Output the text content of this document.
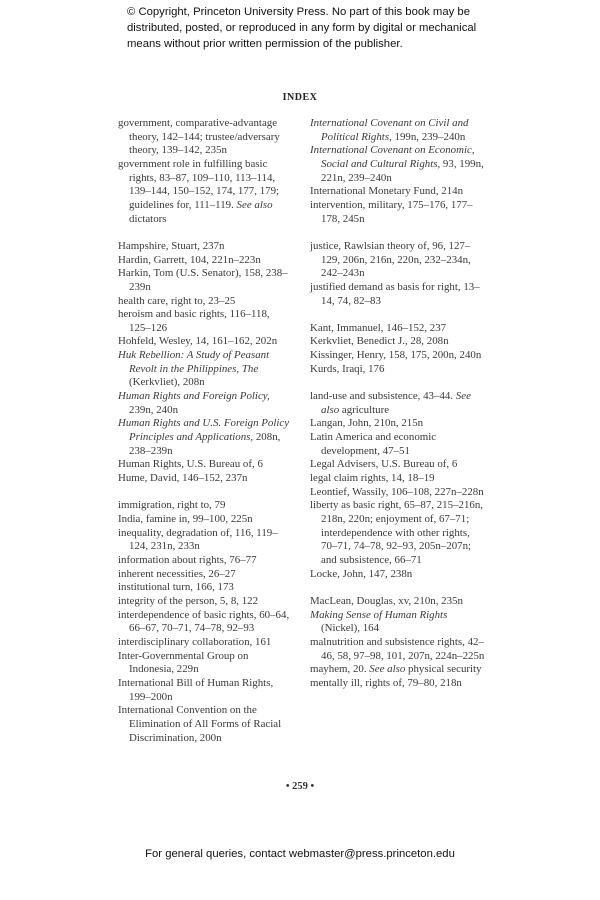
© Copyright, Princeton University Press. No part of this book may be distributed, posted, or reproduced in any form by digital or mechanical means without prior written permission of the publisher.
INDEX
government, comparative-advantage theory, 142–144; trustee/adversary theory, 139–142, 235n
government role in fulfilling basic rights, 83–87, 109–110, 113–114, 139–144, 150–152, 174, 177, 179; guidelines for, 111–119. See also dictators
Hampshire, Stuart, 237n
Hardin, Garrett, 104, 221n–223n
Harkin, Tom (U.S. Senator), 158, 238–239n
health care, right to, 23–25
heroism and basic rights, 116–118, 125–126
Hohfeld, Wesley, 14, 161–162, 202n
Huk Rebellion: A Study of Peasant Revolt in the Philippines, The (Kerkvliet), 208n
Human Rights and Foreign Policy, 239n, 240n
Human Rights and U.S. Foreign Policy Principles and Applications, 208n, 238–239n
Human Rights, U.S. Bureau of, 6
Hume, David, 146–152, 237n
immigration, right to, 79
India, famine in, 99–100, 225n
inequality, degradation of, 116, 119–124, 231n, 233n
information about rights, 76–77
inherent necessities, 26–27
institutional turn, 166, 173
integrity of the person, 5, 8, 122
interdependence of basic rights, 60–64, 66–67, 70–71, 74–78, 92–93
interdisciplinary collaboration, 161
Inter-Governmental Group on Indonesia, 229n
International Bill of Human Rights, 199–200n
International Convention on the Elimination of All Forms of Racial Discrimination, 200n
International Covenant on Civil and Political Rights, 199n, 239–240n
International Covenant on Economic, Social and Cultural Rights, 93, 199n, 221n, 239–240n
International Monetary Fund, 214n
intervention, military, 175–176, 177–178, 245n
justice, Rawlsian theory of, 96, 127–129, 206n, 216n, 220n, 232–234n, 242–243n
justified demand as basis for right, 13–14, 74, 82–83
Kant, Immanuel, 146–152, 237
Kerkvliet, Benedict J., 28, 208n
Kissinger, Henry, 158, 175, 200n, 240n
Kurds, Iraqi, 176
land-use and subsistence, 43–44. See also agriculture
Langan, John, 210n, 215n
Latin America and economic development, 47–51
Legal Advisers, U.S. Bureau of, 6
legal claim rights, 14, 18–19
Leontief, Wassily, 106–108, 227n–228n
liberty as basic right, 65–87, 215–216n, 218n, 220n; enjoyment of, 67–71; interdependence with other rights, 70–71, 74–78, 92–93, 205n–207n; and subsistence, 66–71
Locke, John, 147, 238n
MacLean, Douglas, xv, 210n, 235n
Making Sense of Human Rights (Nickel), 164
malnutrition and subsistence rights, 42–46, 58, 97–98, 101, 207n, 224n–225n
mayhem, 20. See also physical security
mentally ill, rights of, 79–80, 218n
• 259 •
For general queries, contact webmaster@press.princeton.edu
